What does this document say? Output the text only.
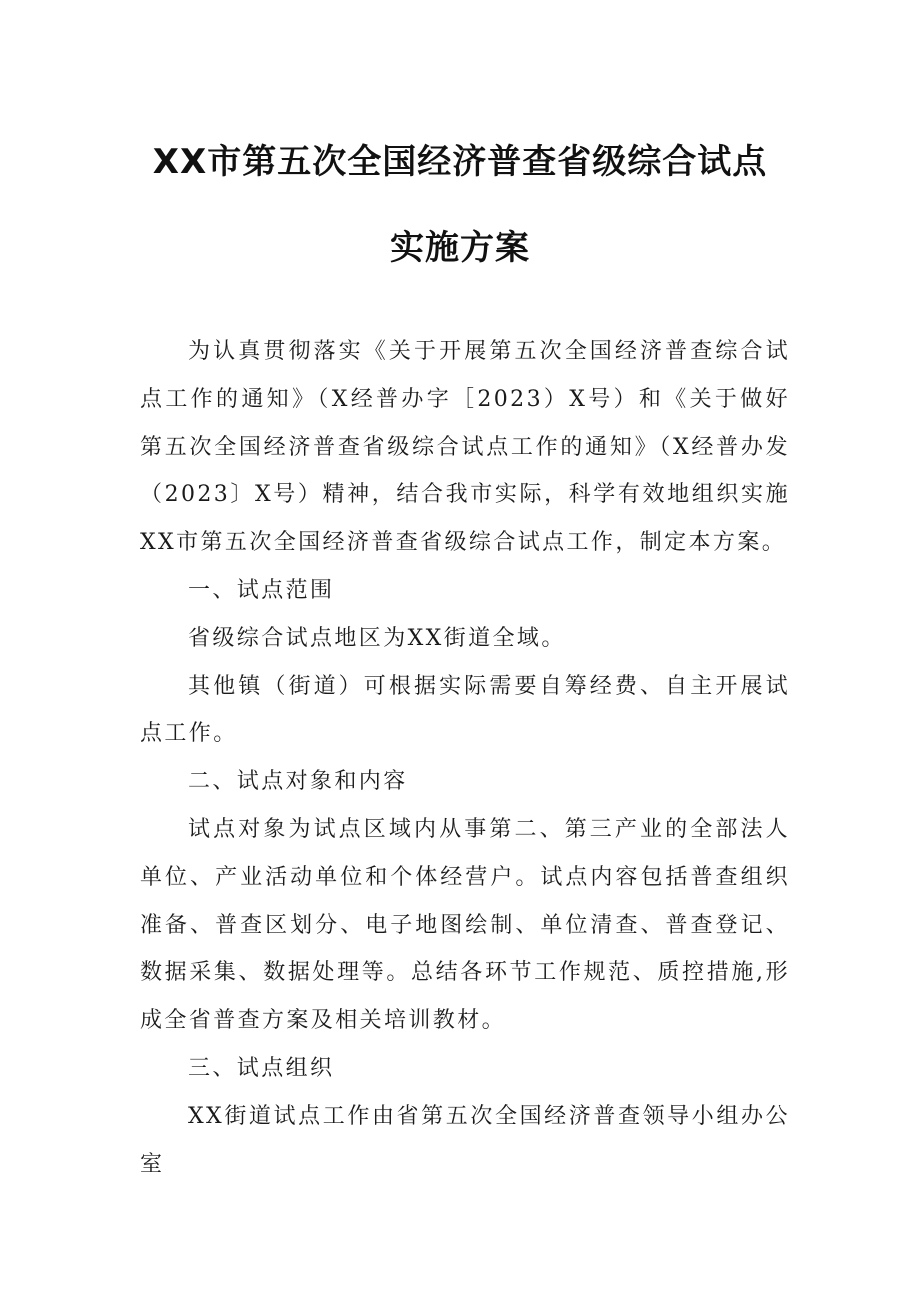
XX市第五次全国经济普查省级综合试点
实施方案

为认真贯彻落实《关于开展第五次全国经济普查综合试点工作的通知》（X经普办字［2023）X号）和《关于做好第五次全国经济普查省级综合试点工作的通知》（X经普办发（2023〕X号）精神，结合我市实际，科学有效地组织实施XX市第五次全国经济普查省级综合试点工作，制定本方案。

一、试点范围

省级综合试点地区为XX街道全域。

其他镇（街道）可根据实际需要自筹经费、自主开展试点工作。

二、试点对象和内容

试点对象为试点区域内从事第二、第三产业的全部法人单位、产业活动单位和个体经营户。试点内容包括普查组织准备、普查区划分、电子地图绘制、单位清查、普查登记、数据采集、数据处理等。总结各环节工作规范、质控措施,形成全省普查方案及相关培训教材。

三、试点组织

XX街道试点工作由省第五次全国经济普查领导小组办公室
